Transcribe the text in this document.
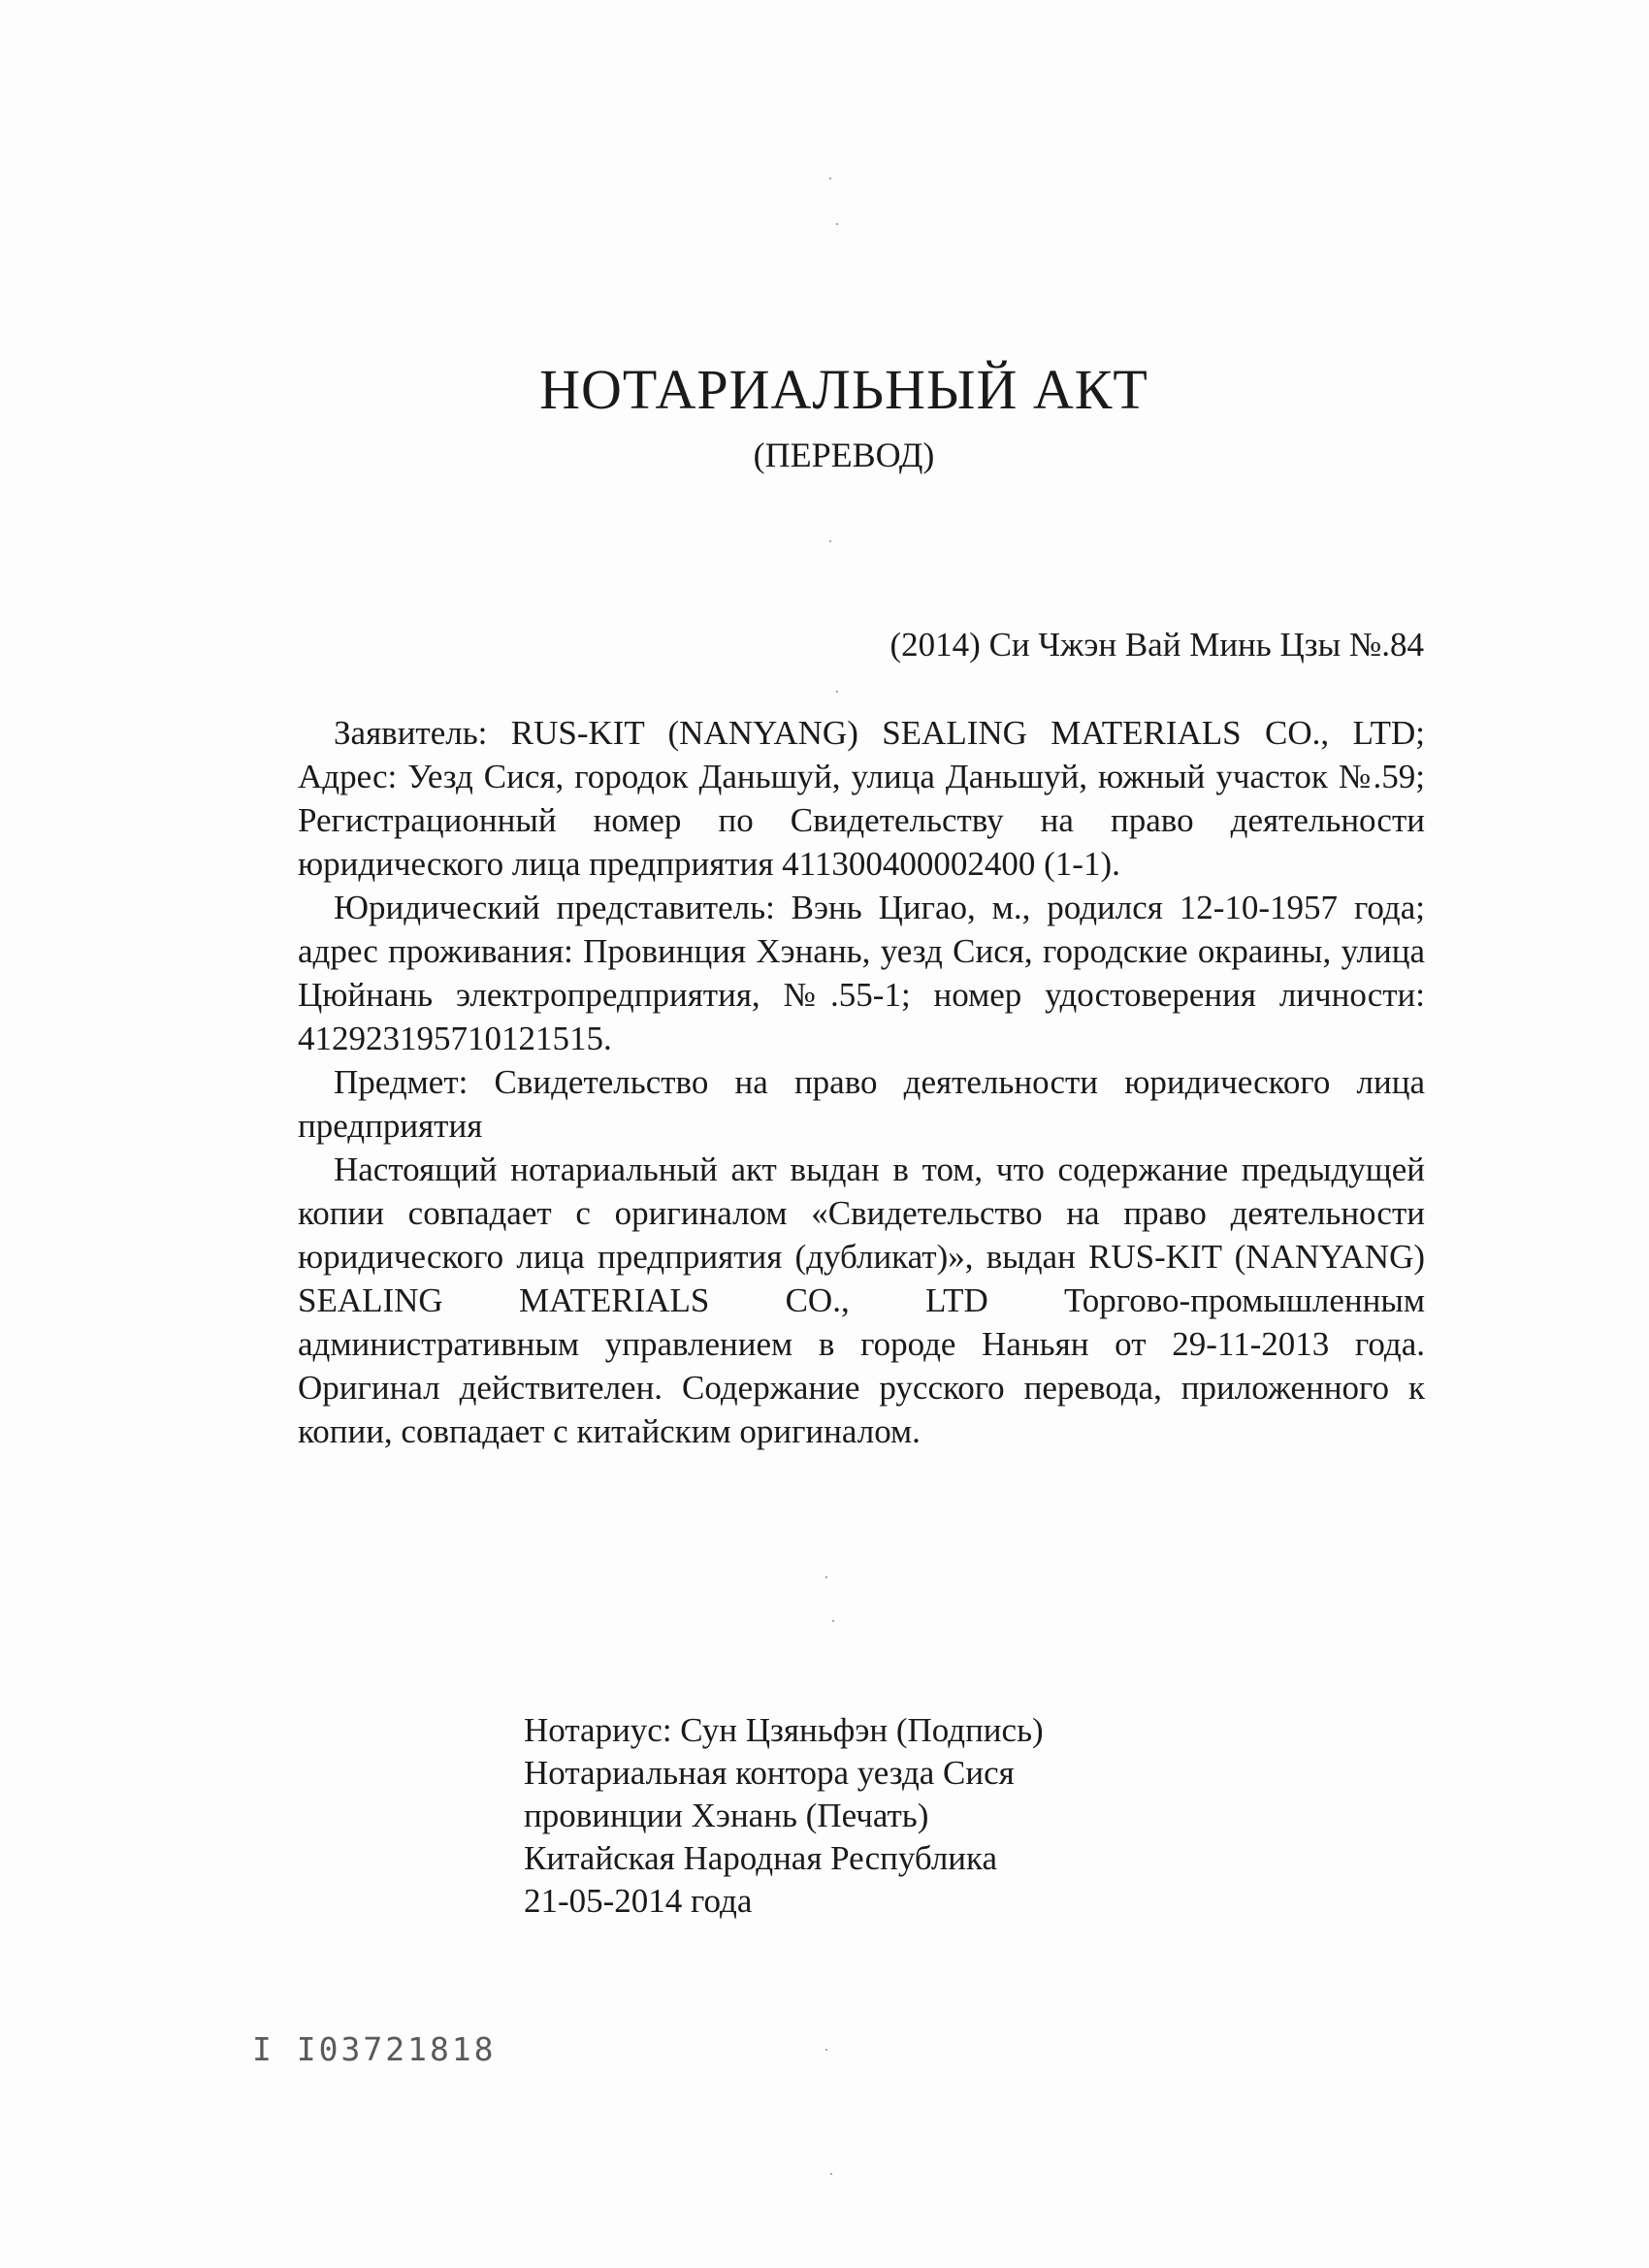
НОТАРИАЛЬНЫЙ АКТ
(ПЕРЕВОД)
(2014) Си Чжэн Вай Минь Цзы №.84

Заявитель: RUS-KIT (NANYANG) SEALING MATERIALS CO., LTD; Адрес: Уезд Сися, городок Даньшуй, улица Даньшуй, южный участок №.59; Регистрационный номер по Свидетельству на право деятельности юридического лица предприятия 411300400002400 (1-1).

Юридический представитель: Вэнь Цигао, м., родился 12-10-1957 года; адрес проживания: Провинция Хэнань, уезд Сися, городские окраины, улица Цюйнань электропредприятия, №.55-1; номер удостоверения личности: 412923195710121515.

Предмет: Свидетельство на право деятельности юридического лица предприятия

Настоящий нотариальный акт выдан в том, что содержание предыдущей копии совпадает с оригиналом «Свидетельство на право деятельности юридического лица предприятия (дубликат)», выдан RUS-KIT (NANYANG) SEALING MATERIALS CO., LTD Торгово-промышленным административным управлением в городе Наньян от 29-11-2013 года. Оригинал действителен. Содержание русского перевода, приложенного к копии, совпадает с китайским оригиналом.

Нотариус: Сун Цзяньфэн (Подпись)
Нотариальная контора уезда Сися
провинции Хэнань (Печать)
Китайская Народная Республика
21-05-2014 года
I I03721818
